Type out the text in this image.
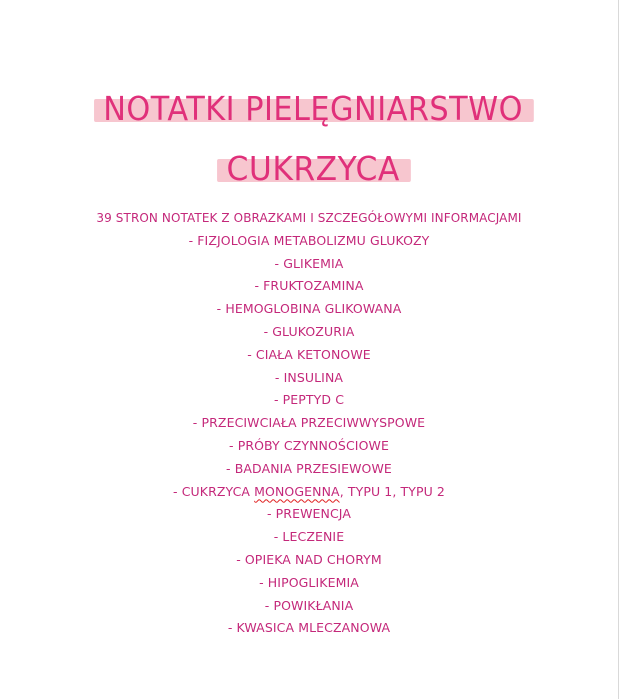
NOTATKI PIELĘGNIARSTWO
CUKRZYCA
39 STRON NOTATEK Z OBRAZKAMI I SZCZEGÓŁOWYMI INFORMACJAMI
- FIZJOLOGIA METABOLIZMU GLUKOZY
- GLIKEMIA
- FRUKTOZAMINA
- HEMOGLOBINA GLIKOWANA
- GLUKOZURIA
- CIAŁA KETONOWE
- INSULINA
- PEPTYD C
- PRZECIWCIAŁA PRZECIWWYSPOWE
- PRÓBY CZYNNOŚCIOWE
- BADANIA PRZESIEWOWE
- CUKRZYCA MONOGENNA, TYPU 1, TYPU 2
- PREWENCJA
- LECZENIE
- OPIEKA NAD CHORYM
- HIPOGLIKEMIA
- POWIKŁANIA
- KWASICA MLECZANOWA
